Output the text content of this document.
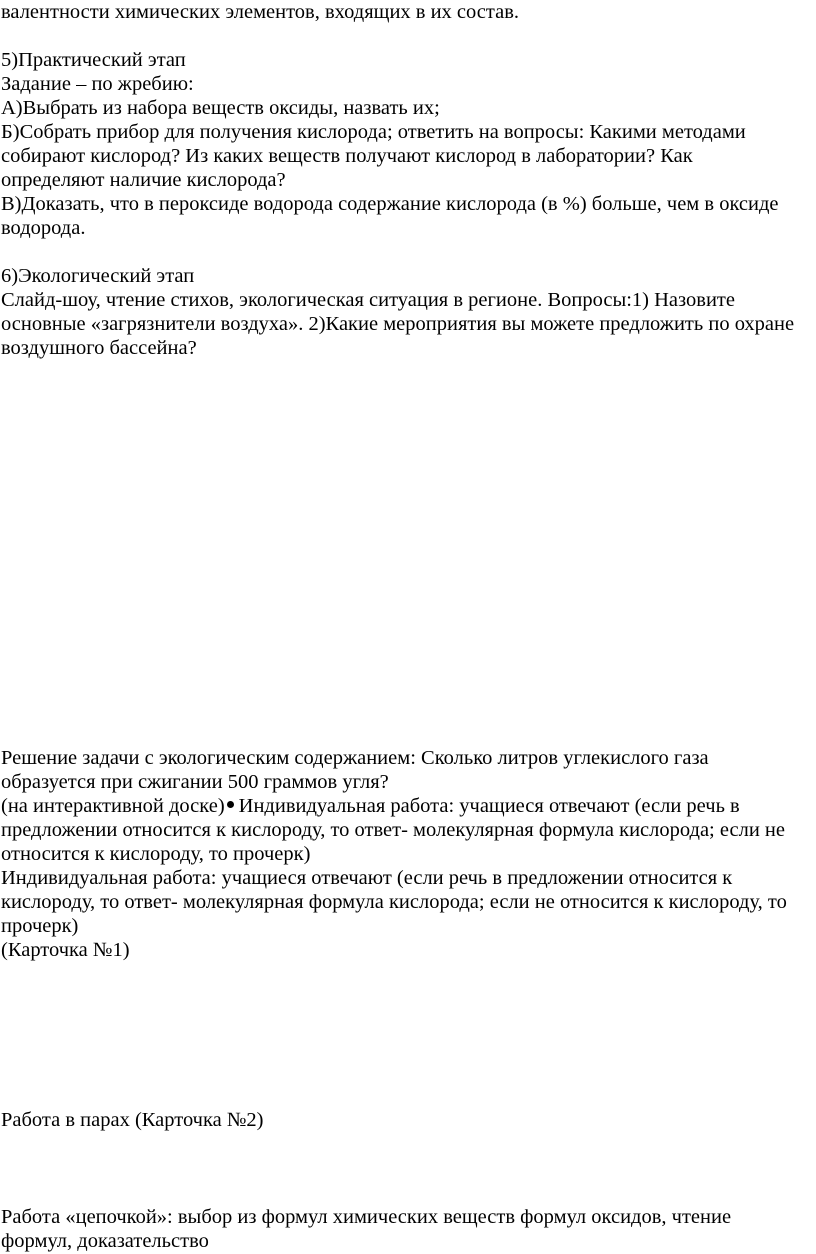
валентности химических элементов, входящих в их состав.
5)Практический этап
Задание – по жребию:
А)Выбрать из набора веществ оксиды, назвать их;
Б)Собрать прибор для получения кислорода; ответить на вопросы: Какими методами
собирают кислород? Из каких веществ получают кислород в лаборатории? Как
определяют наличие кислорода?
В)Доказать, что в пероксиде водорода содержание кислорода (в %) больше, чем в оксиде
водорода.
6)Экологический этап
Слайд-шоу, чтение стихов, экологическая ситуация в регионе. Вопросы:1) Назовите
основные «загрязнители воздуха». 2)Какие мероприятия вы можете предложить по охране
воздушного бассейна?
Решение задачи с экологическим содержанием: Сколько литров углекислого газа
образуется при сжигании 500 граммов угля?
(на интерактивной доске) Индивидуальная работа: учащиеся отвечают (если речь в
предложении относится к кислороду, то ответ- молекулярная формула кислорода; если не
относится к кислороду, то прочерк)
Индивидуальная работа: учащиеся отвечают (если речь в предложении относится к
кислороду, то ответ- молекулярная формула кислорода; если не относится к кислороду, то
прочерк)
(Карточка №1)
Работа в парах (Карточка №2)
Работа «цепочкой»: выбор из формул химических веществ формул оксидов, чтение
формул, доказательство
